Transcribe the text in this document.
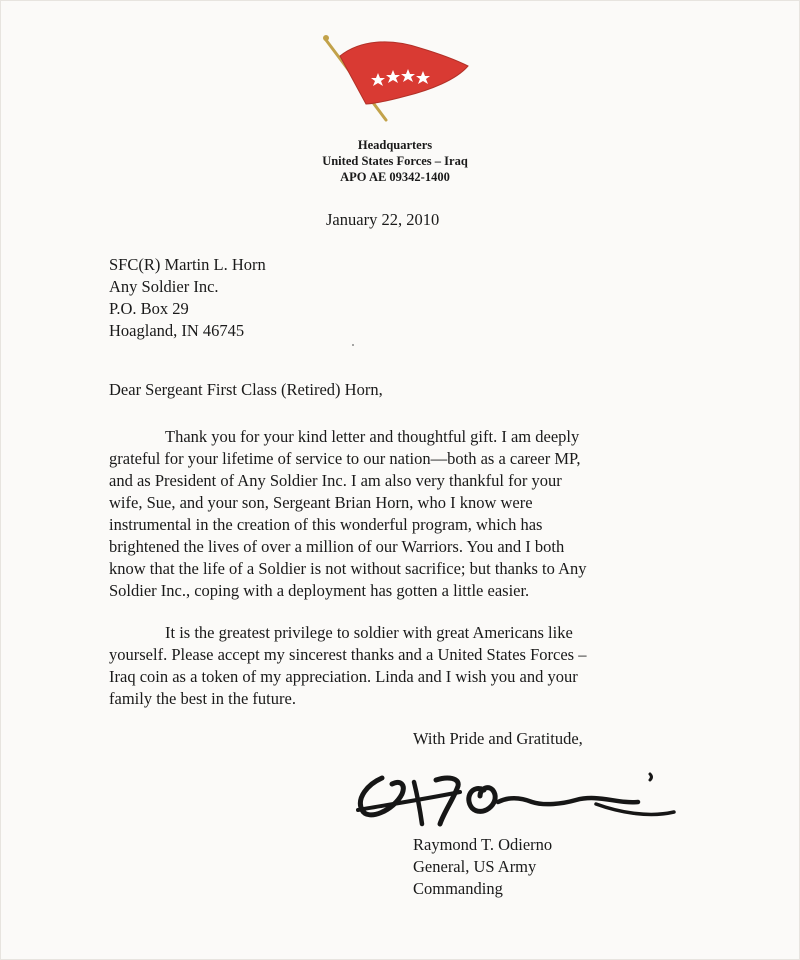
Headquarters
United States Forces – Iraq
APO AE 09342-1400
January 22, 2010
SFC(R) Martin L. Horn
Any Soldier Inc.
P.O. Box 29
Hoagland, IN 46745
Dear Sergeant First Class (Retired) Horn,
Thank you for your kind letter and thoughtful gift. I am deeply
grateful for your lifetime of service to our nation—both as a career MP,
and as President of Any Soldier Inc. I am also very thankful for your
wife, Sue, and your son, Sergeant Brian Horn, who I know were
instrumental in the creation of this wonderful program, which has
brightened the lives of over a million of our Warriors. You and I both
know that the life of a Soldier is not without sacrifice; but thanks to Any
Soldier Inc., coping with a deployment has gotten a little easier.
It is the greatest privilege to soldier with great Americans like
yourself. Please accept my sincerest thanks and a United States Forces –
Iraq coin as a token of my appreciation. Linda and I wish you and your
family the best in the future.
With Pride and Gratitude,
Raymond T. Odierno
General, US Army
Commanding
